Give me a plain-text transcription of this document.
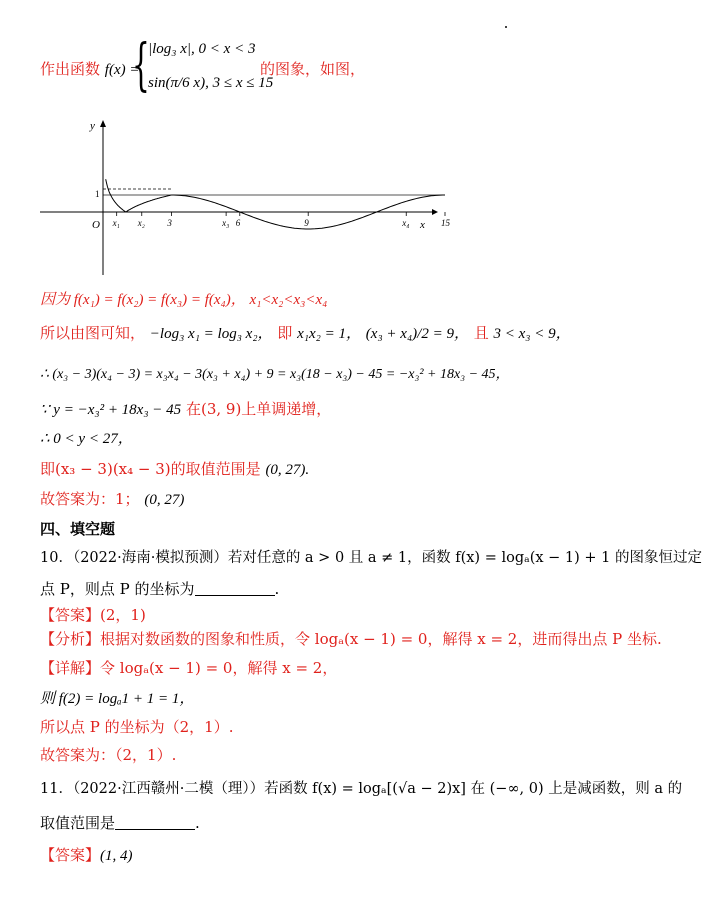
作出函数 f(x) =
{
|log₃ x|, 0 < x < 3
sin(π/6 x), 3 ≤ x ≤ 15
的图象，如图，
y
x
O
1
x₁ x₂	3	x₃ 6	9	x₄	15
因为 f(x₁) = f(x₂) = f(x₃) = f(x₄)， x₁<x₂<x₃<x₄
所以由图可知， −log₃ x₁ = log₃ x₂， 即 x₁x₂ = 1， (x₃ + x₄)/2 = 9， 且 3 < x₃ < 9，
∴ (x₃ − 3)(x₄ − 3) = x₃x₄ − 3(x₃ + x₄) + 9 = x₃(18 − x₃) − 45 = −x₃² + 18x₃ − 45，
∵ y = −x₃² + 18x₃ − 45 在(3, 9)上单调递增，
∴ 0 < y < 27，
即(x₃ − 3)(x₄ − 3)的取值范围是 (0, 27).
故答案为：1； (0, 27)
四、填空题
10．（2022·海南·模拟预测）若对任意的 a > 0 且 a ≠ 1，函数 f(x) = logₐ(x − 1) + 1 的图象恒过定
点 P，则点 P 的坐标为	.
【答案】(2，1)
【分析】根据对数函数的图象和性质，令 logₐ(x − 1) = 0，解得 x = 2，进而得出点 P 坐标.
【详解】令 logₐ(x − 1) = 0，解得 x = 2，
则 f(2) = logₐ1 + 1 = 1，
所以点 P 的坐标为（2，1）.
故答案为：（2，1）.
11．（2022·江西赣州·二模（理））若函数 f(x) = logₐ[(√a − 2)x] 在 (−∞, 0) 上是减函数，则 a 的
取值范围是	.
【答案】(1, 4)
